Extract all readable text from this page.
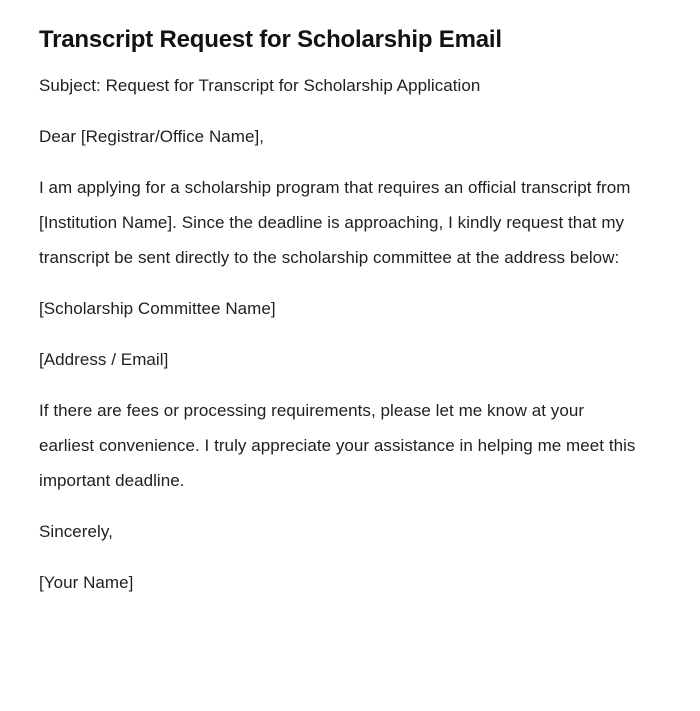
Transcript Request for Scholarship Email

Subject: Request for Transcript for Scholarship Application

Dear [Registrar/Office Name],

I am applying for a scholarship program that requires an official transcript from [Institution Name]. Since the deadline is approaching, I kindly request that my transcript be sent directly to the scholarship committee at the address below:

[Scholarship Committee Name]

[Address / Email]

If there are fees or processing requirements, please let me know at your earliest convenience. I truly appreciate your assistance in helping me meet this important deadline.

Sincerely,

[Your Name]
